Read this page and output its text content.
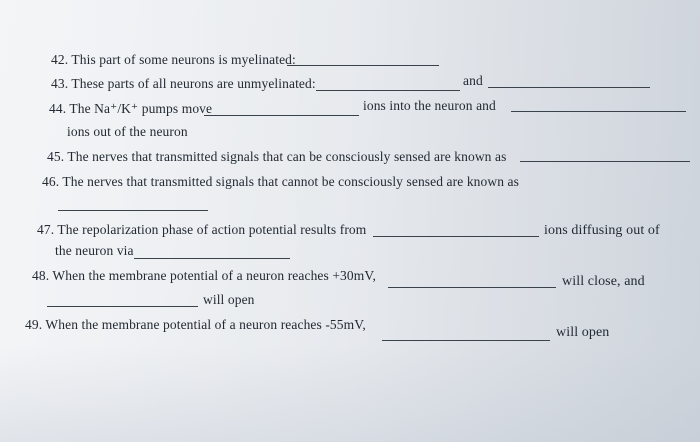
42. This part of some neurons is myelinated:
43. These parts of all neurons are unmyelinated:	and
44. The Na⁺/K⁺ pumps move	ions into the neuron and
ions out of the neuron
45. The nerves that transmitted signals that can be consciously sensed are known as
46. The nerves that transmitted signals that cannot be consciously sensed are known as
47. The repolarization phase of action potential results from	ions diffusing out of
the neuron via
48. When the membrane potential of a neuron reaches +30mV,	will close, and
will open
49. When the membrane potential of a neuron reaches -55mV,
will open
